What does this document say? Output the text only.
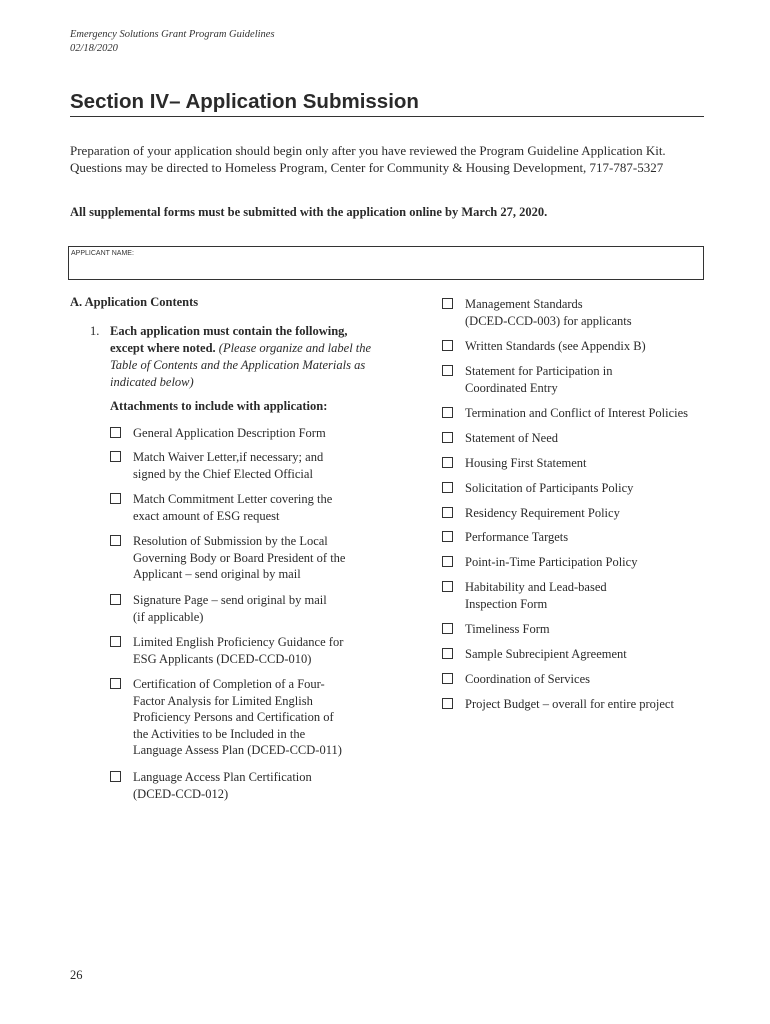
Emergency Solutions Grant Program Guidelines
02/18/2020
Section IV– Application Submission
Preparation of your application should begin only after you have reviewed the Program Guideline Application Kit. Questions may be directed to Homeless Program, Center for Community & Housing Development, 717-787-5327
All supplemental forms must be submitted with the application online by March 27, 2020.
APPLICANT NAME:
A. Application Contents
1. Each application must contain the following, except where noted. (Please organize and label the Table of Contents and the Application Materials as indicated below)
Attachments to include with application:
General Application Description Form
Match Waiver Letter,if necessary; and
signed by the Chief Elected Official
Match Commitment Letter covering the
exact amount of ESG request
Resolution of Submission by the Local
Governing Body or Board President of the
Applicant – send original by mail
Signature Page – send original by mail
(if applicable)
Limited English Proficiency Guidance for
ESG Applicants (DCED-CCD-010)
Certification of Completion of a Four-
Factor Analysis for Limited English
Proficiency Persons and Certification of
the Activities to be Included in the
Language Assess Plan (DCED-CCD-011)
Language Access Plan Certification
(DCED-CCD-012)
Management Standards
(DCED-CCD-003) for applicants
Written Standards (see Appendix B)
Statement for Participation in
Coordinated Entry
Termination and Conflict of Interest Policies
Statement of Need
Housing First Statement
Solicitation of Participants Policy
Residency Requirement Policy
Performance Targets
Point-in-Time Participation Policy
Habitability and Lead-based
Inspection Form
Timeliness Form
Sample Subrecipient Agreement
Coordination of Services
Project Budget – overall for entire project
26
